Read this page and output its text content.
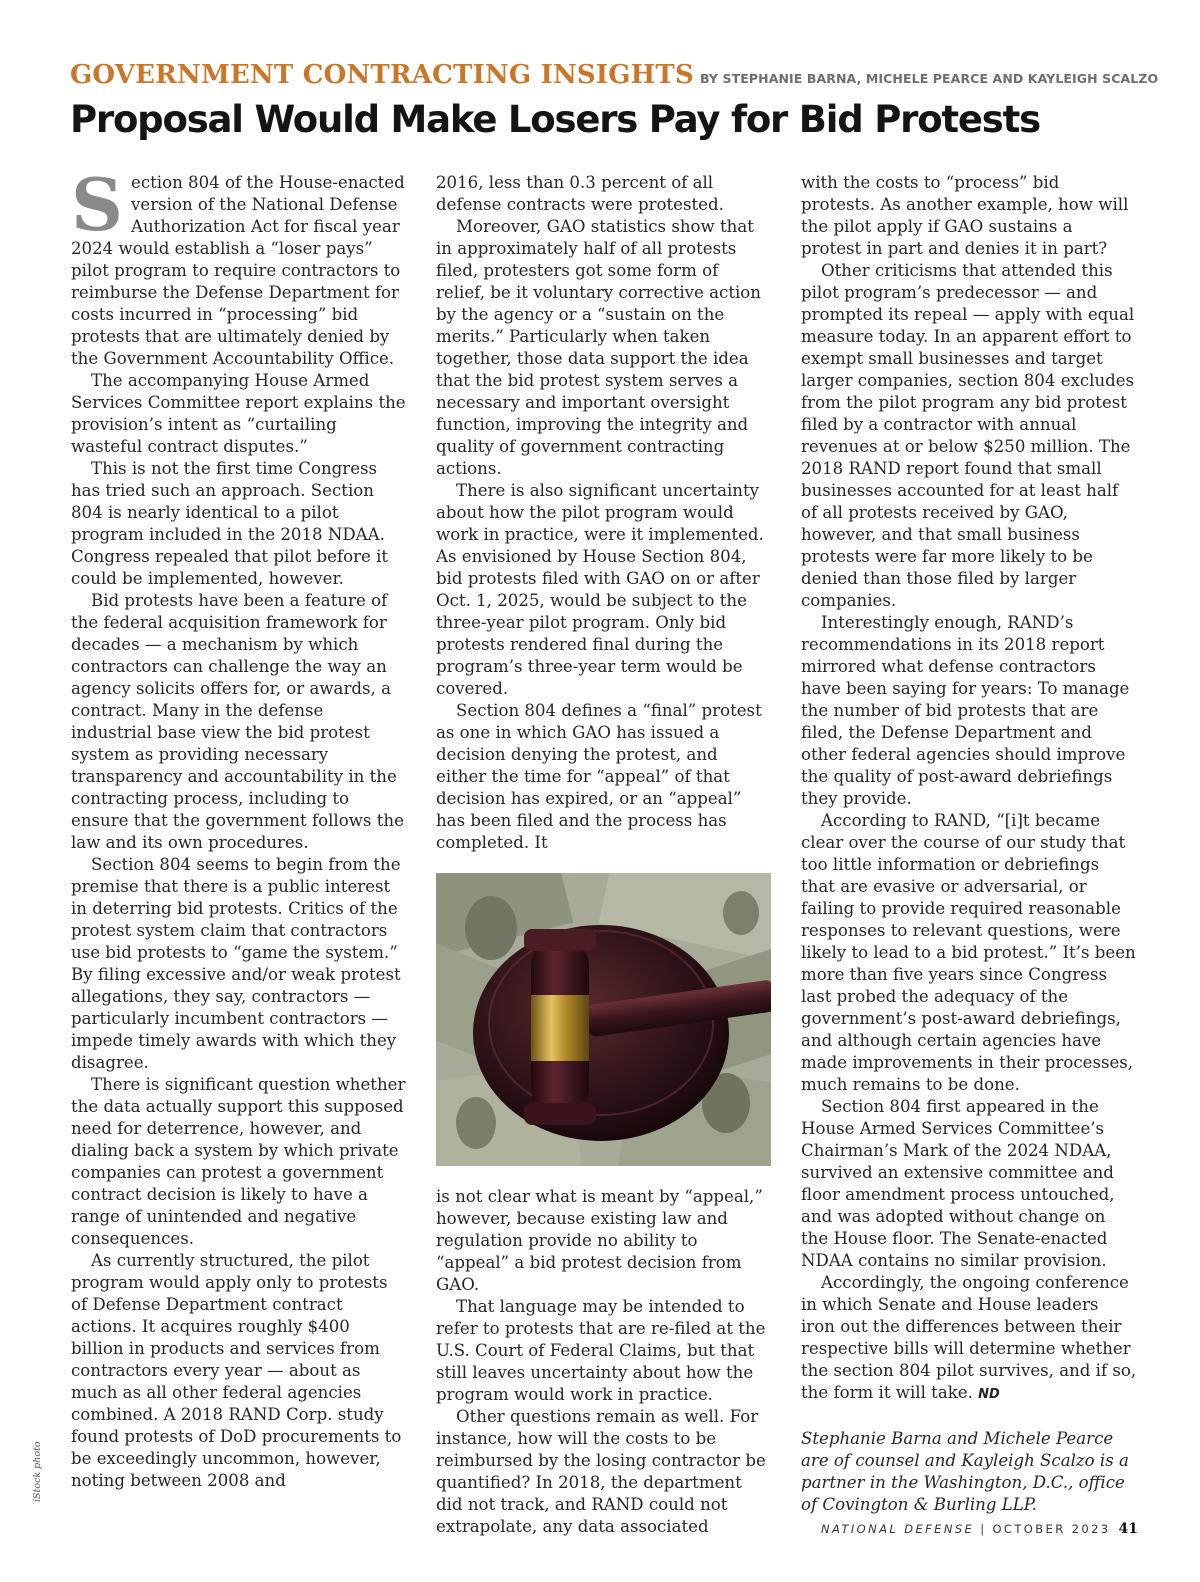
GOVERNMENT CONTRACTING INSIGHTS BY STEPHANIE BARNA, MICHELE PEARCE AND KAYLEIGH SCALZO
Proposal Would Make Losers Pay for Bid Protests

Section 804 of the House-enacted version of the National Defense Authorization Act for fiscal year 2024 would establish a “loser pays” pilot program to require contractors to reimburse the Defense Department for costs incurred in “processing” bid protests that are ultimately denied by the Government Accountability Office.

The accompanying House Armed Services Committee report explains the provision’s intent as “curtailing wasteful contract disputes.”

This is not the first time Congress has tried such an approach. Section 804 is nearly identical to a pilot program included in the 2018 NDAA. Congress repealed that pilot before it could be implemented, however.

Bid protests have been a feature of the federal acquisition framework for decades — a mechanism by which contractors can challenge the way an agency solicits offers for, or awards, a contract. Many in the defense industrial base view the bid protest system as providing necessary transparency and accountability in the contracting process, including to ensure that the government follows the law and its own procedures.

Section 804 seems to begin from the premise that there is a public interest in deterring bid protests. Critics of the protest system claim that contractors use bid protests to “game the system.” By filing excessive and/or weak protest allegations, they say, contractors — particularly incumbent contractors — impede timely awards with which they disagree.

There is significant question whether the data actually support this supposed need for deterrence, however, and dialing back a system by which private companies can protest a government contract decision is likely to have a range of unintended and negative consequences.

As currently structured, the pilot program would apply only to protests of Defense Department contract actions. It acquires roughly $400 billion in products and services from contractors every year — about as much as all other federal agencies combined. A 2018 RAND Corp. study found protests of DoD procurements to be exceedingly uncommon, however, noting between 2008 and

2016, less than 0.3 percent of all defense contracts were protested.

Moreover, GAO statistics show that in approximately half of all protests filed, protesters got some form of relief, be it voluntary corrective action by the agency or a “sustain on the merits.” Particularly when taken together, those data support the idea that the bid protest system serves a necessary and important oversight function, improving the integrity and quality of government contracting actions.

There is also significant uncertainty about how the pilot program would work in practice, were it implemented. As envisioned by House Section 804, bid protests filed with GAO on or after Oct. 1, 2025, would be subject to the three-year pilot program. Only bid protests rendered final during the program’s three-year term would be covered.

Section 804 defines a “final” protest as one in which GAO has issued a decision denying the protest, and either the time for “appeal” of that decision has expired, or an “appeal” has been filed and the process has completed. It

is not clear what is meant by “appeal,” however, because existing law and regulation provide no ability to “appeal” a bid protest decision from GAO.

That language may be intended to refer to protests that are re-filed at the U.S. Court of Federal Claims, but that still leaves uncertainty about how the program would work in practice.

Other questions remain as well. For instance, how will the costs to be reimbursed by the losing contractor be quantified? In 2018, the department did not track, and RAND could not extrapolate, any data associated

with the costs to “process” bid protests. As another example, how will the pilot apply if GAO sustains a protest in part and denies it in part?

Other criticisms that attended this pilot program’s predecessor — and prompted its repeal — apply with equal measure today. In an apparent effort to exempt small businesses and target larger companies, section 804 excludes from the pilot program any bid protest filed by a contractor with annual revenues at or below $250 million. The 2018 RAND report found that small businesses accounted for at least half of all protests received by GAO, however, and that small business protests were far more likely to be denied than those filed by larger companies.

Interestingly enough, RAND’s recommendations in its 2018 report mirrored what defense contractors have been saying for years: To manage the number of bid protests that are filed, the Defense Department and other federal agencies should improve the quality of post-award debriefings they provide.

According to RAND, “[i]t became clear over the course of our study that too little information or debriefings that are evasive or adversarial, or failing to provide required reasonable responses to relevant questions, were likely to lead to a bid protest.” It’s been more than five years since Congress last probed the adequacy of the government’s post-award debriefings, and although certain agencies have made improvements in their processes, much remains to be done.

Section 804 first appeared in the House Armed Services Committee’s Chairman’s Mark of the 2024 NDAA, survived an extensive committee and floor amendment process untouched, and was adopted without change on the House floor. The Senate-enacted NDAA contains no similar provision.

Accordingly, the ongoing conference in which Senate and House leaders iron out the differences between their respective bills will determine whether the section 804 pilot survives, and if so, the form it will take. ND

Stephanie Barna and Michele Pearce are of counsel and Kayleigh Scalzo is a partner in the Washington, D.C., office of Covington & Burling LLP.

iStock photo
NATIONAL DEFENSE | OCTOBER 2023 41
